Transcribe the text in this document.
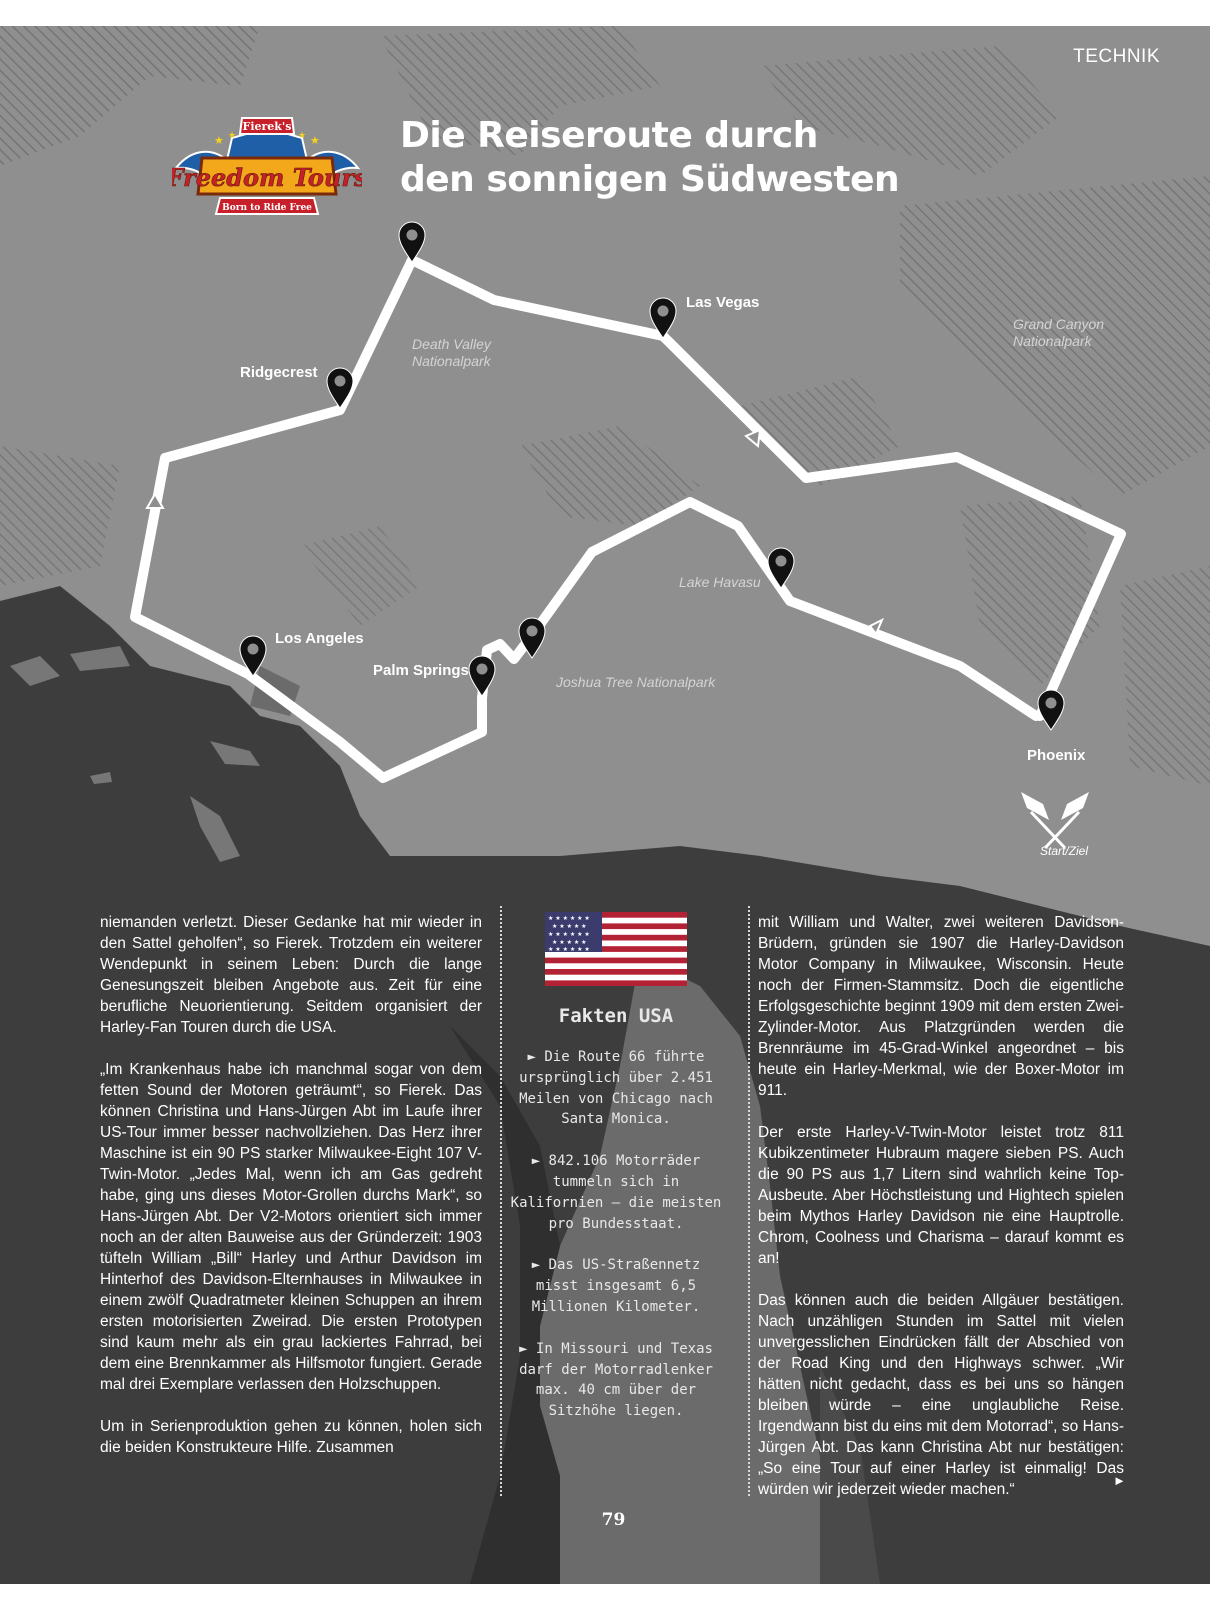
TECHNIK
Fierek's
Freedom Tours
Born to Ride Free
★	★
★	★	Die Reiseroute durch
den sonnigen Südwesten
Las Vegas
Ridgecrest
Los Angeles
Palm Springs
Phoenix
Death Valley
Nationalpark
Grand Canyon
Nationalpark
Lake Havasu
Joshua Tree Nationalpark
Start/Ziel

niemanden verletzt. Dieser Gedanke hat mir wieder in den Sattel geholfen“, so Fierek. Trotzdem ein weiterer Wendepunkt in seinem Leben: Durch die lange Genesungszeit bleiben Angebote aus. Zeit für eine berufliche Neuorientierung. Seitdem organisiert der Harley-Fan Touren durch die USA.

„Im Krankenhaus habe ich manchmal sogar von dem fetten Sound der Motoren geträumt“, so Fierek. Das können Christina und Hans-Jürgen Abt im Laufe ihrer US-Tour immer besser nachvollziehen. Das Herz ihrer Maschine ist ein 90 PS starker Milwaukee-Eight 107 V-Twin-Motor. „Jedes Mal, wenn ich am Gas gedreht habe, ging uns dieses Motor-Grollen durchs Mark“, so Hans-Jürgen Abt. Der V2-Motors orientiert sich immer noch an der alten Bauweise aus der Gründerzeit: 1903 tüfteln William „Bill“ Harley und Arthur Davidson im Hinterhof des Davidson-Elternhauses in Milwaukee in einem zwölf Quadratmeter kleinen Schuppen an ihrem ersten motorisierten Zweirad. Die ersten Prototypen sind kaum mehr als ein grau lackiertes Fahrrad, bei dem eine Brennkammer als Hilfsmotor fungiert. Gerade mal drei Exemplare verlassen den Holzschuppen.

Um in Serienproduktion gehen zu können, holen sich die beiden Konstrukteure Hilfe. Zusammen

★ ★ ★ ★ ★ ★
★ ★ ★ ★ ★
★ ★ ★ ★ ★ ★
★ ★ ★ ★ ★
★ ★ ★ ★ ★ ★
Fakten USA
► Die Route 66 führte ursprünglich über 2.451 Meilen von Chicago nach Santa Monica.
► 842.106 Motorräder tummeln sich in Kalifornien – die meisten pro Bundesstaat.
► Das US-Straßennetz misst insgesamt 6,5 Millionen Kilometer.
► In Missouri und Texas darf der Motorradlenker max. 40 cm über der Sitzhöhe liegen.

mit William und Walter, zwei weiteren Davidson-Brüdern, gründen sie 1907 die Harley-Davidson Motor Company in Milwaukee, Wisconsin. Heute noch der Firmen-Stammsitz. Doch die eigentliche Erfolgsgeschichte beginnt 1909 mit dem ersten Zwei-Zylinder-Motor. Aus Platzgründen werden die Brennräume im 45-Grad-Winkel angeordnet – bis heute ein Harley-Merkmal, wie der Boxer-Motor im 911.

Der erste Harley-V-Twin-Motor leistet trotz 811 Kubikzentimeter Hubraum magere sieben PS. Auch die 90 PS aus 1,7 Litern sind wahrlich keine Top-Ausbeute. Aber Höchstleistung und Hightech spielen beim Mythos Harley Davidson nie eine Hauptrolle. Chrom, Coolness und Charisma – darauf kommt es an!

Das können auch die beiden Allgäuer bestätigen. Nach unzähligen Stunden im Sattel mit vielen unvergesslichen Eindrücken fällt der Abschied von der Road King und den Highways schwer. „Wir hätten nicht gedacht, dass es bei uns so hängen bleiben würde – eine unglaubliche Reise. Irgendwann bist du eins mit dem Motorrad“, so Hans-Jürgen Abt. Das kann Christina Abt nur bestätigen: „So eine Tour auf einer Harley ist einmalig! Das würden wir jederzeit wieder machen.“

►
79
